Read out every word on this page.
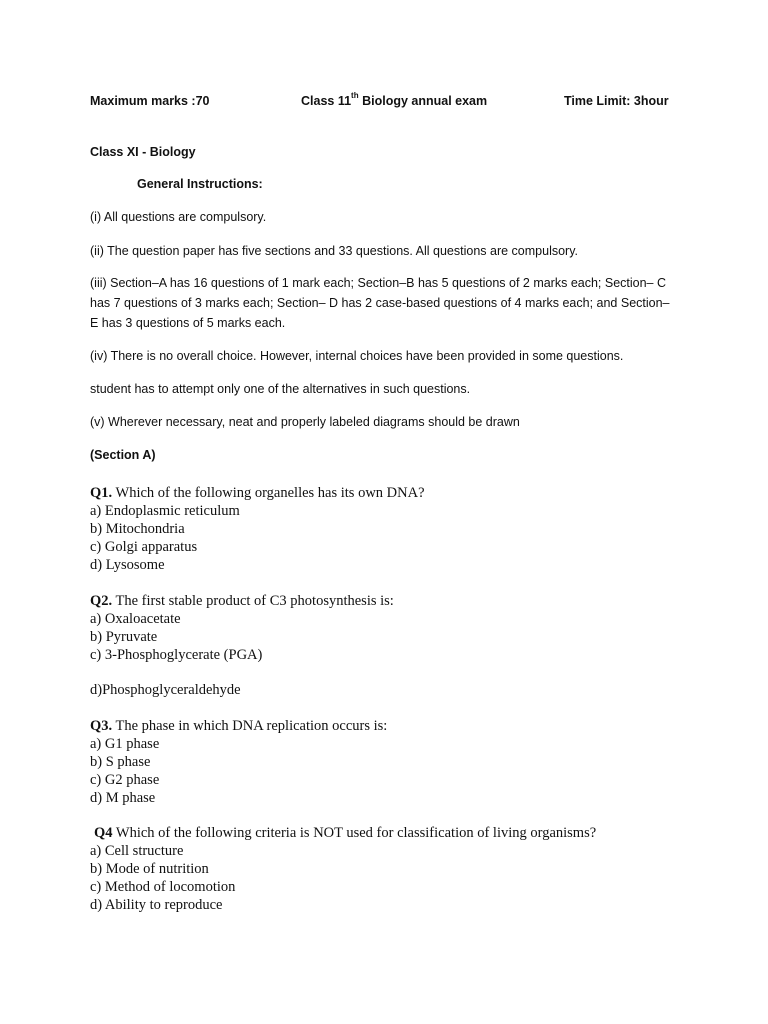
Maximum marks :70	Class 11th Biology annual exam	Time Limit: 3hour
Class XI - Biology
General Instructions:
(i) All questions are compulsory.
(ii) The question paper has five sections and 33 questions. All questions are compulsory.
(iii) Section–A has 16 questions of 1 mark each; Section–B has 5 questions of 2 marks each; Section– C has 7 questions of 3 marks each; Section– D has 2 case-based questions of 4 marks each; and Section–E has 3 questions of 5 marks each.
(iv) There is no overall choice. However, internal choices have been provided in some questions.
student has to attempt only one of the alternatives in such questions.
(v) Wherever necessary, neat and properly labeled diagrams should be drawn
(Section A)
Q1. Which of the following organelles has its own DNA?
a) Endoplasmic reticulum
b) Mitochondria
c) Golgi apparatus
d) Lysosome
Q2. The first stable product of C3 photosynthesis is:
a) Oxaloacetate
b) Pyruvate
c) 3-Phosphoglycerate (PGA)
d)Phosphoglyceraldehyde
Q3. The phase in which DNA replication occurs is:
a) G1 phase
b) S phase
c) G2 phase
d) M phase
Q4 Which of the following criteria is NOT used for classification of living organisms?
a) Cell structure
b) Mode of nutrition
c) Method of locomotion
d) Ability to reproduce
